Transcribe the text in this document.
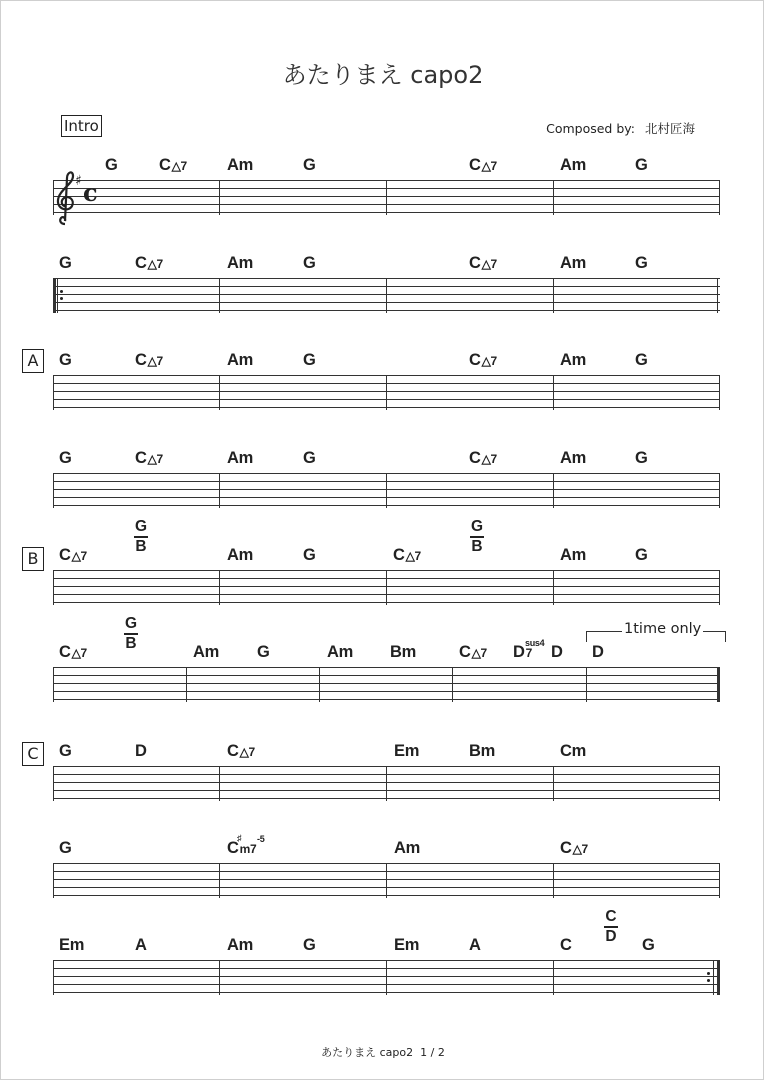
あたりまえ capo2
Composed by: 北村匠海
Intro
♯ c
G	C△7 Am	G	C△7	Am	G
G	C△7	Am	G	C△7	Am	G
G	C△7	Am	G	C△7	Am	G
G	C△7	Am	G	C△7	Am	G
C△7
G
B	Am	G	C△7
G
B	Am	G
C△7
G
B	Am G	Am Bm	C△7 D7
sus4 D D
1time only
G	D	C△7	Em	Bm	Cm
G	C
♯
m7
-5	Am	C△7
Em	A	Am	G	Em	A	C
C
D G
A
B
C
あたりまえ capo2 1 / 2
